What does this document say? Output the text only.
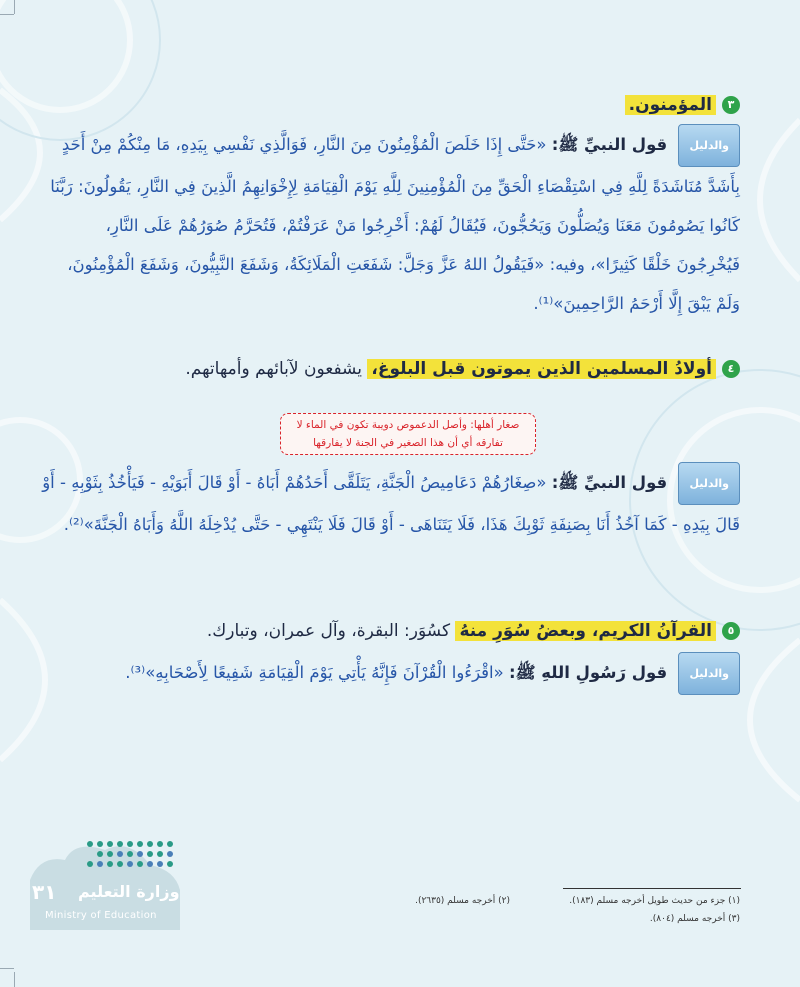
٣المؤمنون.
والدليل قول النبيِّ ﷺ: «حَتَّى إِذَا خَلَصَ الْمُؤْمِنُونَ مِنَ النَّارِ، فَوَالَّذِي نَفْسِي بِيَدِهِ، مَا مِنْكُمْ مِنْ أَحَدٍ بِأَشَدَّ مُنَاشَدَةً لِلَّهِ فِي اسْتِقْصَاءِ الْحَقِّ مِنَ الْمُؤْمِنِينَ لِلَّهِ يَوْمَ الْقِيَامَةِ لِإِخْوَانِهِمُ الَّذِينَ فِي النَّارِ، يَقُولُونَ: رَبَّنَا كَانُوا يَصُومُونَ مَعَنَا وَيُصَلُّونَ وَيَحُجُّونَ، فَيُقَالُ لَهُمْ: أَخْرِجُوا مَنْ عَرَفْتُمْ، فَتُحَرَّمُ صُوَرُهُمْ عَلَى النَّارِ، فَيُخْرِجُونَ خَلْقًا كَثِيرًا»، وفيه: «فَيَقُولُ اللهُ عَزَّ وَجَلَّ: شَفَعَتِ الْمَلَائِكَةُ، وَشَفَعَ النَّبِيُّونَ، وَشَفَعَ الْمُؤْمِنُونَ، وَلَمْ يَبْقَ إِلَّا أَرْحَمُ الرَّاحِمِينَ»⁽¹⁾.
٤أولادُ المسلمين الذين يموتون قبل البلوغ، يشفعون لآبائهم وأمهاتهم.
صغار أهلها: وأصل الدعموص دويبة تكون في الماء لا تفارقه أي أن هذا الصغير في الجنة لا يفارقها
والدليل قول النبيِّ ﷺ: «صِغَارُهُمْ دَعَامِيصُ الْجَنَّةِ، يَتَلَقَّى أَحَدُهُمْ أَبَاهُ - أَوْ قَالَ أَبَوَيْهِ - فَيَأْخُذُ بِثَوْبِهِ - أَوْ قَالَ بِيَدِهِ - كَمَا آخُذُ أَنَا بِصَنِفَةِ ثَوْبِكَ هَذَا، فَلَا يَتَنَاهَى - أَوْ قَالَ فَلَا يَنْتَهِي - حَتَّى يُدْخِلَهُ اللَّهُ وَأَبَاهُ الْجَنَّةَ»⁽²⁾.
٥القرآنُ الكريم، وبعضُ سُوَرِ منهُ كسُوَر: البقرة، وآل عمران، وتبارك.
والدليل قول رَسُولِ اللهِ ﷺ: «اقْرَءُوا الْقُرْآنَ فَإِنَّهُ يَأْتِي يَوْمَ الْقِيَامَةِ شَفِيعًا لِأَصْحَابِهِ»⁽³⁾.
(١) جزء من حديث طويل أخرجه مسلم (١٨٣).
(٢) أخرجه مسلم (٢٦٣٥).
(٣) أخرجه مسلم (٨٠٤).
وزارة التعليم
Ministry of Education
٣١
